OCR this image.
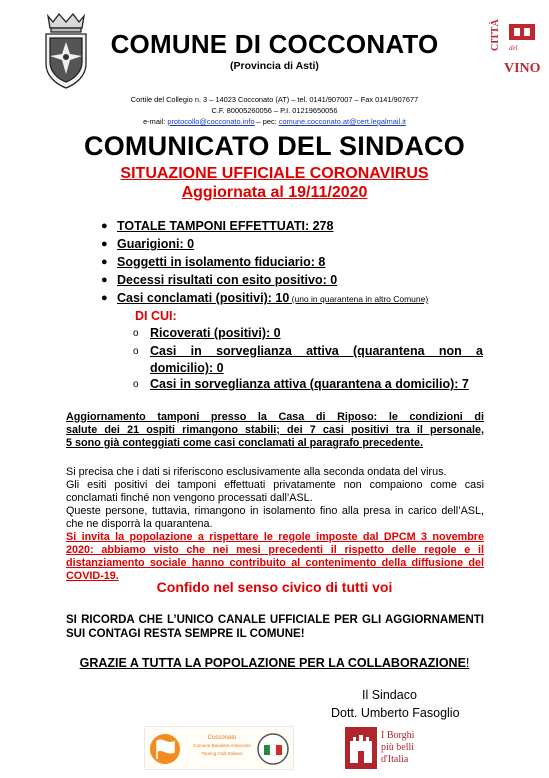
CITTÀ del
VINO
COMUNE DI COCCONATO
(Provincia di Asti)
Cortile del Collegio n. 3 – 14023 Cocconato (AT) – tel. 0141/907007 – Fax 0141/907677
C.F. 80005260056 – P.I. 01219650056
e-mail: protocollo@cocconato.info – pec: comune.cocconato.at@cert.legalmail.it
COMUNICATO DEL SINDACO
SITUAZIONE UFFICIALE CORONAVIRUS
Aggiornata al 19/11/2020
● TOTALE TAMPONI EFFETTUATI: 278
● Guarigioni: 0
● Soggetti in isolamento fiduciario: 8
● Decessi risultati con esito positivo: 0
● Casi conclamati (positivi): 10 (uno in quarantena in altro Comune)
DI CUI:
o Ricoverati (positivi): 0
o Casi in sorveglianza attiva (quarantena non a
domicilio): 0
o Casi in sorveglianza attiva (quarantena a domicilio): 7
Aggiornamento tamponi presso la Casa di Riposo: le condizioni di
salute dei 21 ospiti rimangono stabili; dei 7 casi positivi tra il personale,
5 sono già conteggiati come casi conclamati al paragrafo precedente.
Si precisa che i dati si riferiscono esclusivamente alla seconda ondata del virus.
Gli esiti positivi dei tamponi effettuati privatamente non compaiono come casi
conclamati finché non vengono processati dall’ASL.
Queste persone, tuttavia, rimangono in isolamento fino alla presa in carico dell’ASL,
che ne disporrà la quarantena.
Si invita la popolazione a rispettare le regole imposte dal DPCM 3 novembre
2020: abbiamo visto che nei mesi precedenti il rispetto delle regole e il
distanziamento sociale hanno contribuito al contenimento della diffusione del
COVID-19.
Confido nel senso civico di tutti voi
SI RICORDA CHE L’UNICO CANALE UFFICIALE PER GLI AGGIORNAMENTI
SUI CONTAGI RESTA SEMPRE IL COMUNE!
GRAZIE A TUTTA LA POPOLAZIONE PER LA COLLABORAZIONE!
Il Sindaco
Dott. Umberto Fasoglio
Cocconato
Comune Bandiera Arancione
Touring Club Italiano
I Borghi
più belli
d'Italia
